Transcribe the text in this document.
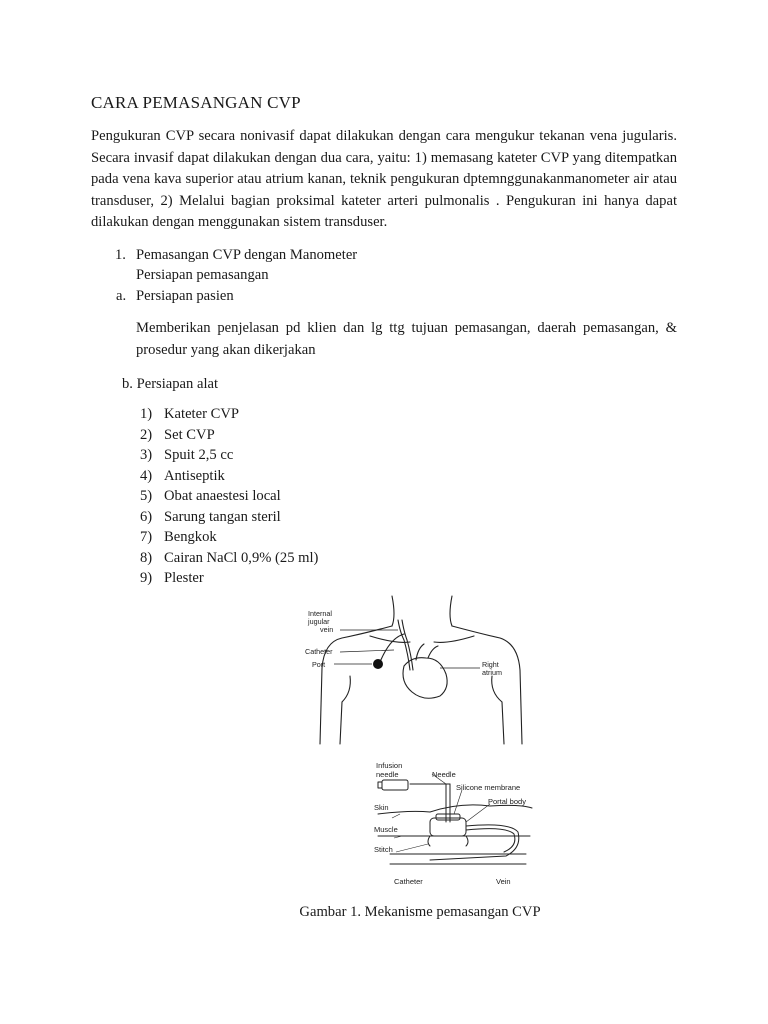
CARA PEMASANGAN CVP
Pengukuran CVP secara nonivasif dapat dilakukan dengan cara mengukur tekanan vena jugularis. Secara invasif dapat dilakukan dengan dua cara, yaitu: 1) memasang kateter CVP yang ditempatkan pada vena kava superior atau atrium kanan, teknik pengukuran dptemnggunakanmanometer air atau transduser, 2) Melalui bagian proksimal kateter arteri pulmonalis . Pengukuran ini hanya dapat dilakukan dengan menggunakan sistem transduser.
1. Pemasangan CVP dengan Manometer
Persiapan pemasangan
a. Persiapan pasien
Memberikan penjelasan pd klien dan lg ttg tujuan pemasangan, daerah pemasangan, & prosedur yang akan dikerjakan
b. Persiapan alat
1) Kateter CVP
2) Set CVP
3) Spuit 2,5 cc
4) Antiseptik
5) Obat anaestesi local
6) Sarung tangan steril
7) Bengkok
8) Cairan NaCl 0,9% (25 ml)
9) Plester
Internal
jugular
vein
Catheter
Port	Right
atrium
Infusion
needle	Needle
Silicone membrane
Portal body
Skin
Muscle
Stitch
Catheter	Vein
Gambar 1. Mekanisme pemasangan CVP
